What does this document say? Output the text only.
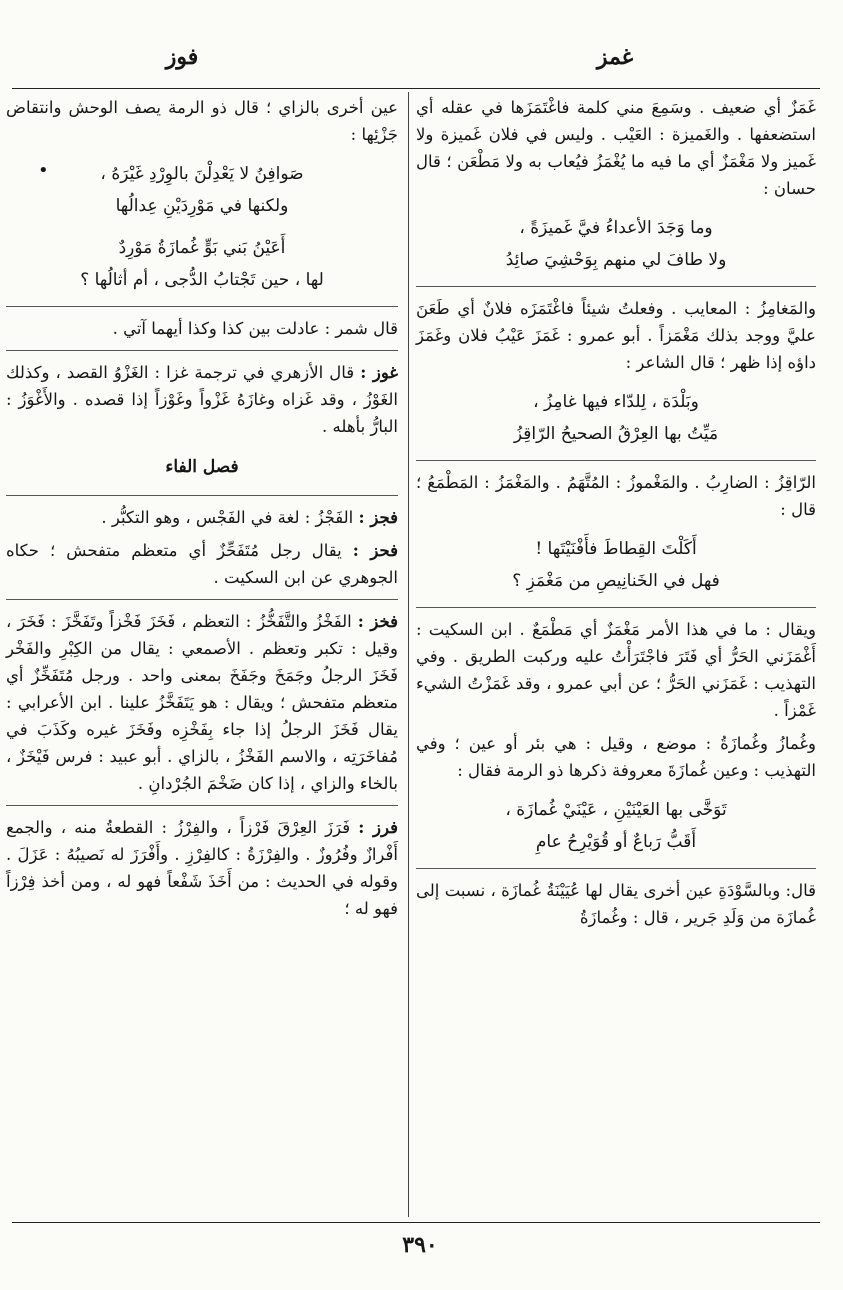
غمز
فوز

غَمَزٌ أي ضعيف . وسَمِعَ مني كلمة فاغْتَمَزَها في عقله أي استضعفها . والغَميزة : العَيْب . وليس في فلان غَميزة ولا غَميز ولا مَغْمَزٌ أي ما فيه ما يُغْمَزُ فيُعاب به ولا مَطْعَن ؛ قال حسان :

وما وَجَدَ الأعداءُ فيَّ غَميزَةً ،
ولا طافَ لي منهم بِوَحْشِيَ صائِدُ

والمَغامِزُ : المعايب . وفعلتُ شيئاً فاغْتَمَزَه فلانٌ أي طَعَنَ عليَّ ووجد بذلك مَغْمَزاً . أبو عمرو : غَمَزَ عَيْبُ فلان وغَمَزَ داؤه إذا ظهر ؛ قال الشاعر :

وبَلْدَة ، لِلدّاء فيها غامِزُ ،
مَيِّتُ بها العِرْقُ الصحيحُ الرّاقِزُ

الرّاقِزُ : الضارِبُ . والمَغْموزُ : المُتَّهَمُ . والمَغْمَزُ : المَطْمَعُ ؛ قال :

أَكَلْتَ القِطاطَ فأَفْنَيْتَها !
فهل في الخَنانِيصِ من مَغْمَزِ ؟

ويقال : ما في هذا الأمر مَغْمَزٌ أي مَطْمَعٌ . ابن السكيت : أَغْمَزَني الحَرُّ أي فَتَرَ فاجْتَرَأْتُ عليه وركبت الطريق . وفي التهذيب : غَمَزَني الحَرُّ ؛ عن أبي عمرو ، وقد غَمَزْتُ الشيء غَمْزاً .

وغُمازُ وغُمازَةُ : موضع ، وقيل : هي بئر أو عين ؛ وفي التهذيب : وعين غُمازَةَ معروفة ذكرها ذو الرمة فقال :

تَوَخَّى بها العَيْنَيْنِ ، عَيْنَيْ غُمازَة ،
أَقَبُّ رَباعٌ أو قُوَيْرِحُ عامِ

قال: وبالسَّوْدَةِ عين أخرى يقال لها عُيَيْنَةُ غُمازَة ، نسبت إلى غُمازَة من وَلَدِ جَرير ، قال : وغُمازَةُ

عين أخرى بالزاي ؛ قال ذو الرمة يصف الوحش وانتقاض جَزْئِها :

صَوافِنُ لا يَعْدِلْنَ بالوِرْدِ غَيْرَهُ ،
ولكنها في مَوْرِدَيْنِ عِدالُها
أَعَيْنُ بَني بَوٍّ غُمازَةُ مَوْرِدٌ
لها ، حين تَجْتابُ الدُّجى ، أم أثالُها ؟

قال شمر : عادلت بين كذا وكذا أيهما آتي .

غوز : قال الأزهري في ترجمة غزا : الغَزْوُ القصد ، وكذلك الغَوْزُ ، وقد غَزاه وغازَهُ غَزْواً وغَوْزاً إذا قصده . والأَغْوَزُ : البارُّ بأهله .

فصل الفاء

فجز : الفَجْزُ : لغة في الفَجْس ، وهو التكبُّر .

فحز : يقال رجل مُتَفَحِّزٌ أي متعظم متفحش ؛ حكاه الجوهري عن ابن السكيت .

فخز : الفَخْزُ والتَّفَخُّزُ : التعظم ، فَخَزَ فَخْزاً وتَفَخَّزَ : فَخَرَ ، وقيل : تكبر وتعظم . الأصمعي : يقال من الكِبْرِ والفَخْر فَخَزَ الرجلُ وجَمَخَ وجَفَخَ بمعنى واحد . ورجل مُتَفَخِّزٌ أي متعظم متفحش ؛ ويقال : هو يَتَفَخَّزُ علينا . ابن الأعرابي : يقال فَخَزَ الرجلُ إذا جاء بِفَخْزِه وفَخَزَ غيره وكَذَبَ في مُفاخَرَتِه ، والاسم الفَخْزُ ، بالزاي . أبو عبيد : فرس فَيْخَزٌ ، بالخاء والزاي ، إذا كان ضَخْمَ الجُرْدانِ .

فرز : فَرَزَ العِرْقَ فَرْزاً ، والفِرْزُ : القطعةُ منه ، والجمع أَفْرازٌ وفُرُوزٌ . والفِرْزَةُ : كالفِرْزِ . وأَفْرَزَ له نَصيبُهُ : عَزَلَ . وقوله في الحديث : من أَخَذَ شَفْعاً فهو له ، ومن أخذ فِرْزاً فهو له ؛

•
٣٩٠
